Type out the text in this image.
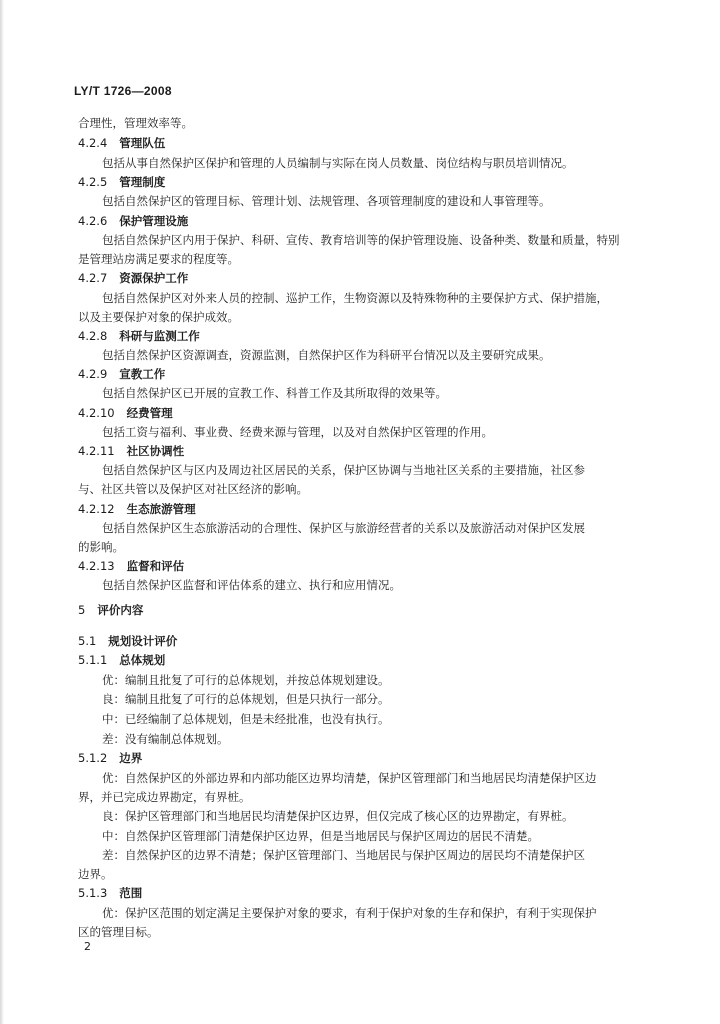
LY/T 1726—2008
合理性，管理效率等。
4.2.4 管理队伍
包括从事自然保护区保护和管理的人员编制与实际在岗人员数量、岗位结构与职员培训情况。
4.2.5 管理制度
包括自然保护区的管理目标、管理计划、法规管理、各项管理制度的建设和人事管理等。
4.2.6 保护管理设施
包括自然保护区内用于保护、科研、宣传、教育培训等的保护管理设施、设备种类、数量和质量，特别
是管理站房满足要求的程度等。
4.2.7 资源保护工作
包括自然保护区对外来人员的控制、巡护工作，生物资源以及特殊物种的主要保护方式、保护措施，
以及主要保护对象的保护成效。
4.2.8 科研与监测工作
包括自然保护区资源调查，资源监测，自然保护区作为科研平台情况以及主要研究成果。
4.2.9 宣教工作
包括自然保护区已开展的宣教工作、科普工作及其所取得的效果等。
4.2.10 经费管理
包括工资与福利、事业费、经费来源与管理，以及对自然保护区管理的作用。
4.2.11 社区协调性
包括自然保护区与区内及周边社区居民的关系，保护区协调与当地社区关系的主要措施，社区参
与、社区共管以及保护区对社区经济的影响。
4.2.12 生态旅游管理
包括自然保护区生态旅游活动的合理性、保护区与旅游经营者的关系以及旅游活动对保护区发展
的影响。
4.2.13 监督和评估
包括自然保护区监督和评估体系的建立、执行和应用情况。
5 评价内容
5.1 规划设计评价
5.1.1 总体规划
优：编制且批复了可行的总体规划，并按总体规划建设。
良：编制且批复了可行的总体规划，但是只执行一部分。
中：已经编制了总体规划，但是未经批准，也没有执行。
差：没有编制总体规划。
5.1.2 边界
优：自然保护区的外部边界和内部功能区边界均清楚，保护区管理部门和当地居民均清楚保护区边
界，并已完成边界勘定，有界桩。
良：保护区管理部门和当地居民均清楚保护区边界，但仅完成了核心区的边界勘定，有界桩。
中：自然保护区管理部门清楚保护区边界，但是当地居民与保护区周边的居民不清楚。
差：自然保护区的边界不清楚；保护区管理部门、当地居民与保护区周边的居民均不清楚保护区
边界。
5.1.3 范围
优：保护区范围的划定满足主要保护对象的要求，有利于保护对象的生存和保护，有利于实现保护
区的管理目标。
2
